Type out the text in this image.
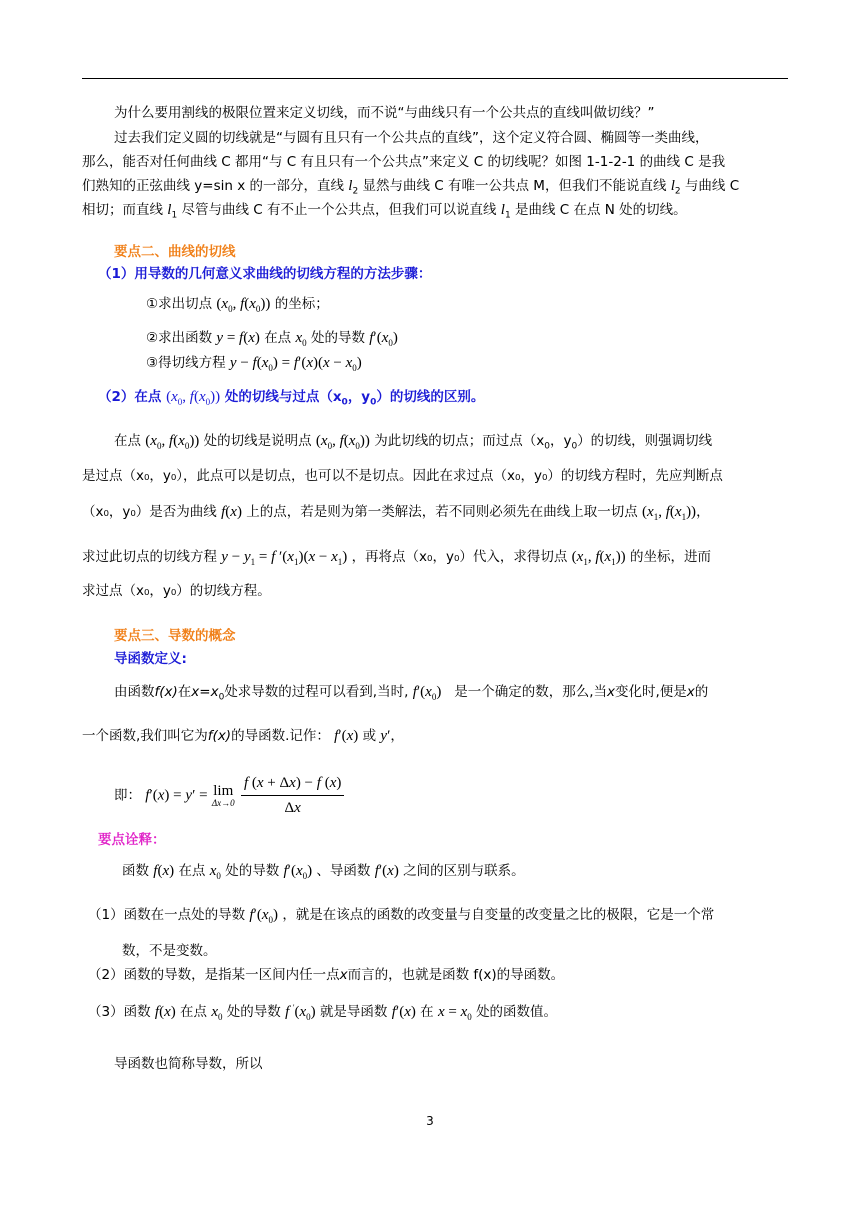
为什么要用割线的极限位置来定义切线，而不说“与曲线只有一个公共点的直线叫做切线？”
过去我们定义圆的切线就是“与圆有且只有一个公共点的直线”，这个定义符合圆、椭圆等一类曲线，
那么，能否对任何曲线 C 都用“与 C 有且只有一个公共点”来定义 C 的切线呢？如图 1-1-2-1 的曲线 C 是我
们熟知的正弦曲线 y=sin x 的一部分，直线 $l_2$ 显然与曲线 C 有唯一公共点 M，但我们不能说直线 $l_2$ 与曲线 C
相切；而直线 $l_1$ 尽管与曲线 C 有不止一个公共点，但我们可以说直线 $l_1$ 是曲线 C 在点 N 处的切线。
要点二、曲线的切线
（1）用导数的几何意义求曲线的切线方程的方法步骤：
①求出切点 ($x_0$, $f(x_0)$) 的坐标；
②求出函数 y = f(x) 在点 $x_0$ 处的导数 $f'(x_0)$
③得切线方程 $y - f(x_0) = f'(x)(x - x_0)$
（2）在点 ($x_0$, $f(x_0)$) 处的切线与过点（$x_0$，$y_0$）的切线的区别。
在点 ($x_0$, $f(x_0)$) 处的切线是说明点 ($x_0$, $f(x_0)$) 为此切线的切点；而过点（$x_0$，$y_0$）的切线，则强调切线
是过点（x₀，y₀），此点可以是切点，也可以不是切点。因此在求过点（x₀，y₀）的切线方程时，先应判断点
（x₀，y₀）是否为曲线 f(x) 上的点，若是则为第一类解法，若不同则必须先在曲线上取一切点 ($x_1$, $f(x_1)$)，
求过此切点的切线方程 $y - y_1 = f$ $'(x_1)(x - x_1)$ ，再将点（x₀，y₀）代入，求得切点 ($x_1$, $f(x_1)$) 的坐标，进而
求过点（x₀，y₀）的切线方程。
要点三、导数的概念
导函数定义:
由函数f(x)在$x=x_0$处求导数的过程可以看到,当时, $f'(x_0)$ 是一个确定的数，那么,当x变化时,便是x的
一个函数,我们叫它为f(x)的导函数.记作： f′(x) 或 y′，
即： f′(x) = y′ = lim
Δx→0
$\frac{f (x + \Delta x) - f (x)}{\Delta x}$
要点诠释：
函数 f(x) 在点 $x_0$ 处的导数 $f'(x_0)$ 、导函数 f′(x) 之间的区别与联系。
（1）函数在一点处的导数 $f'(x_0)$ ，就是在该点的函数的改变量与自变量的改变量之比的极限，它是一个常
数，不是变数。
（2）函数的导数，是指某一区间内任一点x而言的，也就是函数 f(x)的导函数。
（3）函数 f(x) 在点 $x_0$ 处的导数 f $'(x_0)$ 就是导函数 f′(x) 在 $x = x_0$ 处的函数值。
导函数也简称导数，所以
3
